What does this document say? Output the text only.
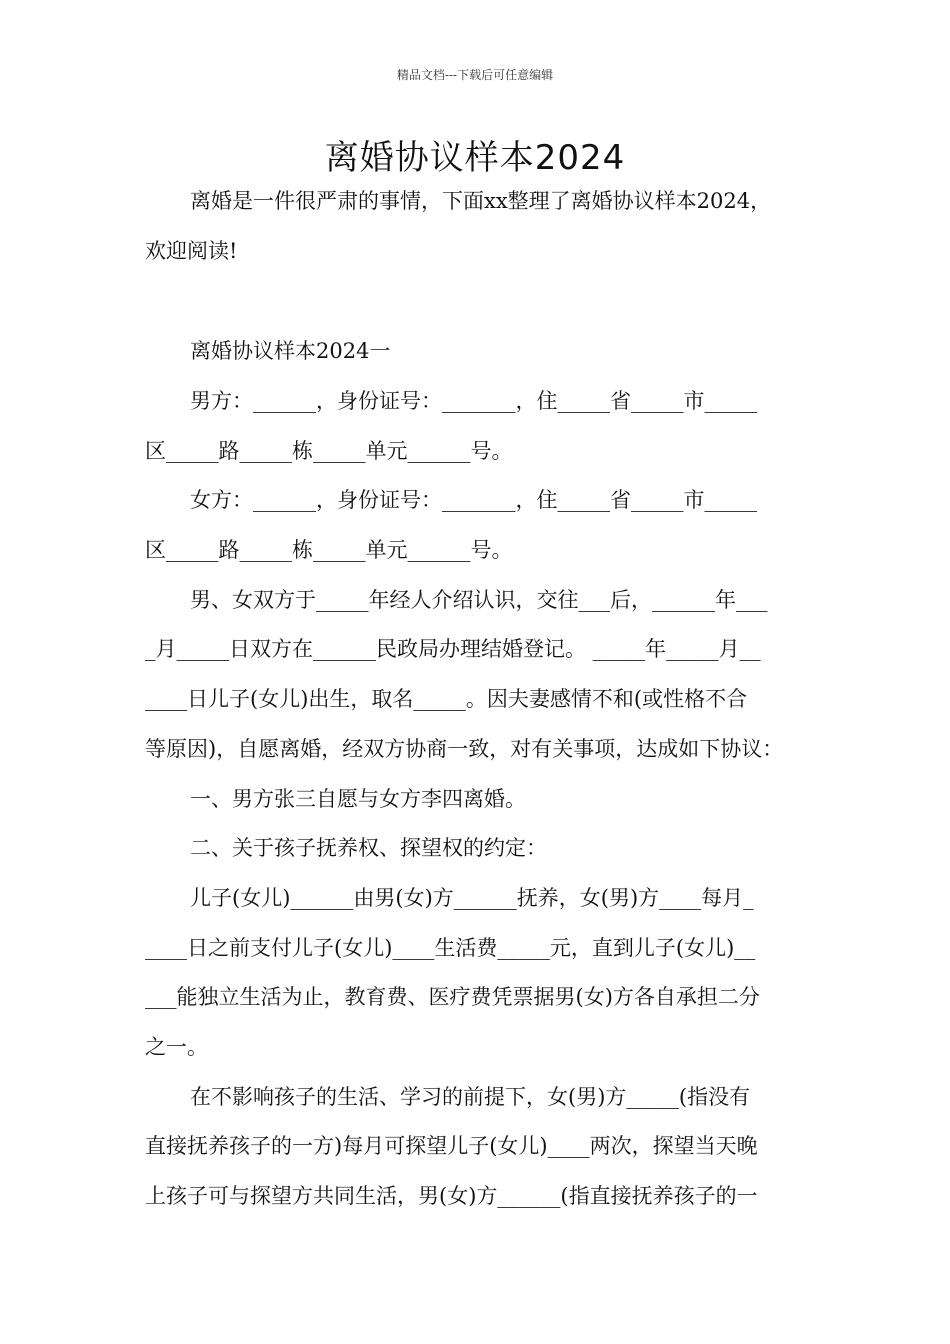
精品文档---下载后可任意编辑
离婚协议样本2024
离婚是一件很严肃的事情，下面xx整理了离婚协议样本2024，
欢迎阅读!
离婚协议样本2024一
男方：______，身份证号：_______，住_____省_____市_____
区_____路_____栋_____单元______号。
女方：______，身份证号：_______，住_____省_____市_____
区_____路_____栋_____单元______号。
男、女双方于_____年经人介绍认识，交往___后，______年___
_月_____日双方在______民政局办理结婚登记。 _____年_____月__
____日儿子(女儿)出生，取名_____。因夫妻感情不和(或性格不合
等原因)，自愿离婚，经双方协商一致，对有关事项，达成如下协议：
一、男方张三自愿与女方李四离婚。
二、关于孩子抚养权、探望权的约定：
儿子(女儿)______由男(女)方______抚养，女(男)方____每月_
____日之前支付儿子(女儿)____生活费_____元，直到儿子(女儿)__
___能独立生活为止，教育费、医疗费凭票据男(女)方各自承担二分
之一。
在不影响孩子的生活、学习的前提下，女(男)方_____(指没有
直接抚养孩子的一方)每月可探望儿子(女儿)____两次，探望当天晚
上孩子可与探望方共同生活，男(女)方______(指直接抚养孩子的一
